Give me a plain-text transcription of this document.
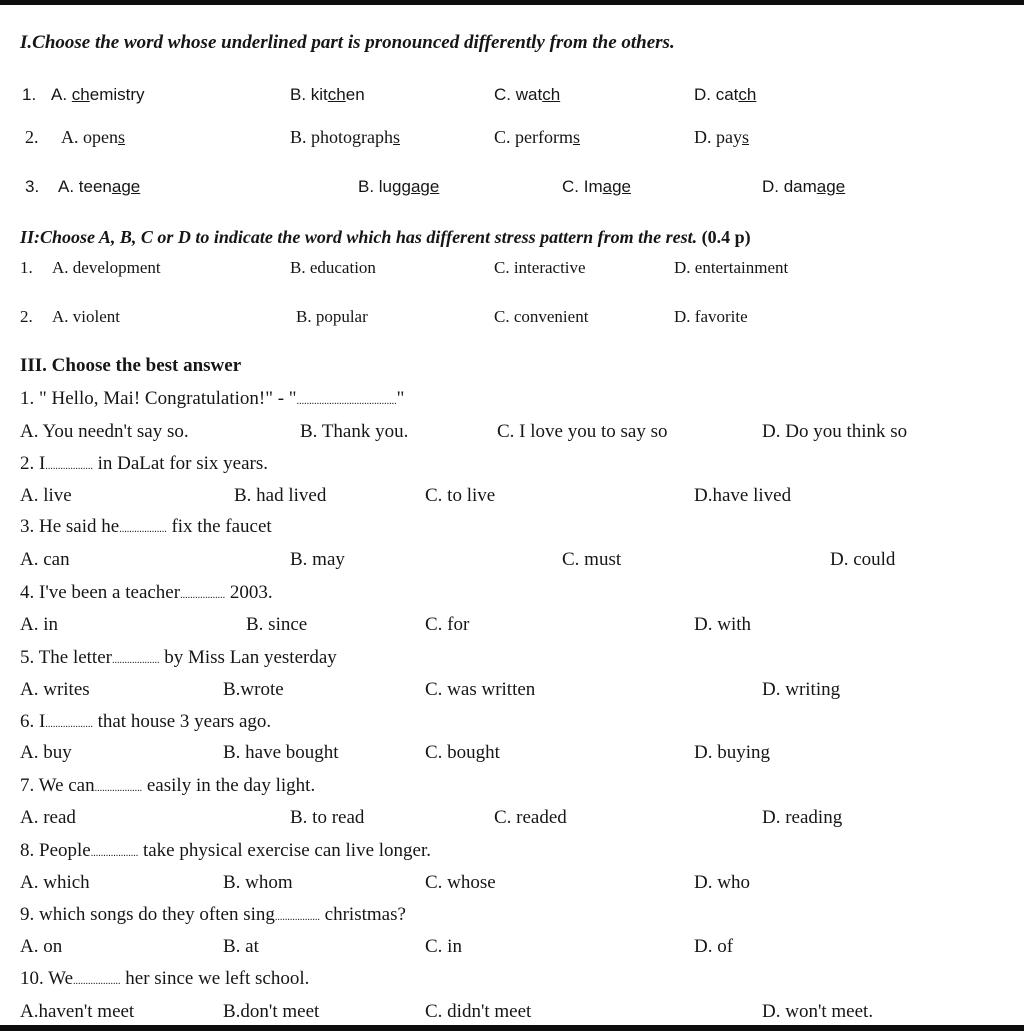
I.Choose the word whose underlined part is pronounced differently from the others.
1. A. chemistry	B. kitchen	C. watch	D. catch
2. A. opens	B. photographs	C. performs	D. pays
3. A. teenage	B. luggage	C. Image	D. damage
II:Choose A, B, C or D to indicate the word which has different stress pattern from the rest. (0.4 p)
1. A. development	B. education	C. interactive	D. entertainment
2. A. violent	B. popular	C. convenient	D. favorite
III. Choose the best answer
1. " Hello, Mai! Congratulation!" - "........................................"
A. You needn't say so.	B. Thank you.	C. I love you to say so	D. Do you think so
2. I................... in DaLat for six years.
A. live	B. had lived	C. to live	D.have lived
3. He said he................... fix the faucet
A. can	B. may	C. must	D. could
4. I've been a teacher.................. 2003.
A. in	B. since	C. for	D. with
5. The letter................... by Miss Lan yesterday
A. writes	B.wrote	C. was written	D. writing
6. I................... that house 3 years ago.
A. buy	B. have bought	C. bought	D. buying
7. We can................... easily in the day light.
A. read	B. to read	C. readed	D. reading
8. People................... take physical exercise can live longer.
A. which	B. whom	C. whose	D. who
9. which songs do they often sing.................. christmas?
A. on	B. at	C. in	D. of
10. We................... her since we left school.
A.haven't meet	B.don't meet	C. didn't meet	D. won't meet.
